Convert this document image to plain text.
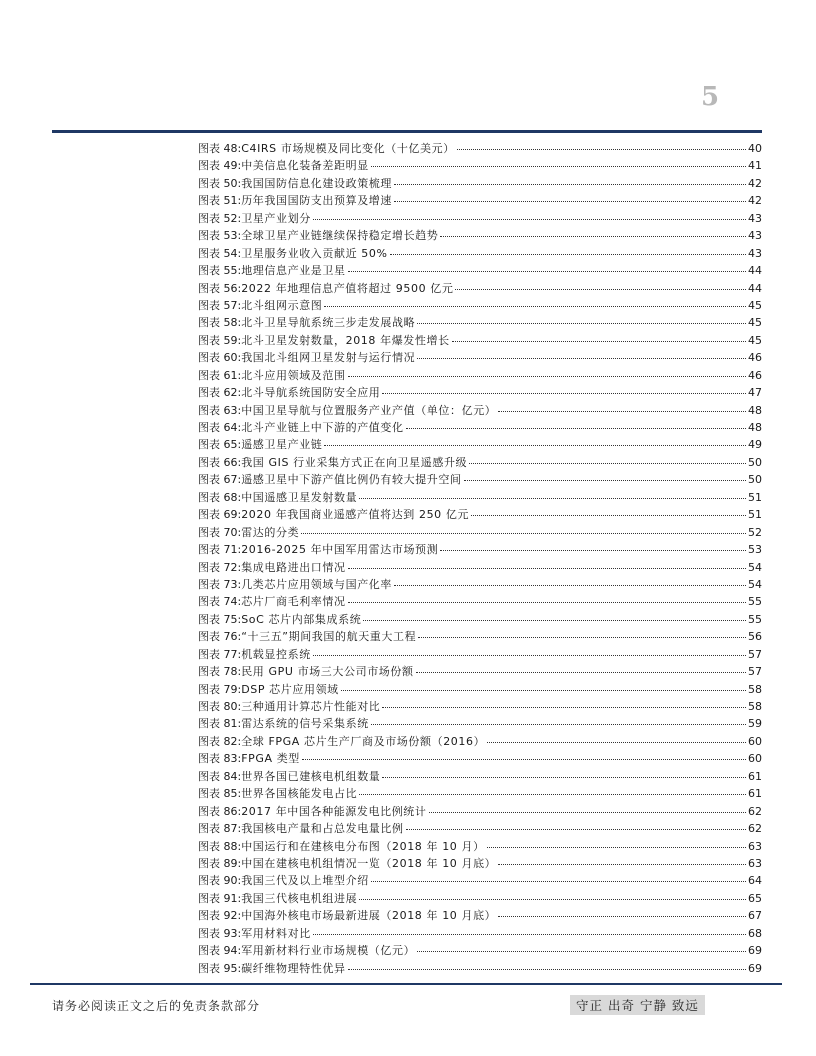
5
图表 48: C4IRS 市场规模及同比变化（十亿美元）	40
图表 49: 中美信息化装备差距明显	41
图表 50: 我国国防信息化建设政策梳理	42
图表 51: 历年我国国防支出预算及增速	42
图表 52: 卫星产业划分	43
图表 53: 全球卫星产业链继续保持稳定增长趋势	43
图表 54: 卫星服务业收入贡献近 50%	43
图表 55: 地理信息产业是卫星	44
图表 56: 2022 年地理信息产值将超过 9500 亿元	44
图表 57: 北斗组网示意图	45
图表 58: 北斗卫星导航系统三步走发展战略	45
图表 59: 北斗卫星发射数量，2018 年爆发性增长	45
图表 60: 我国北斗组网卫星发射与运行情况	46
图表 61: 北斗应用领域及范围	46
图表 62: 北斗导航系统国防安全应用	47
图表 63: 中国卫星导航与位置服务产业产值（单位：亿元）	48
图表 64: 北斗产业链上中下游的产值变化	48
图表 65: 遥感卫星产业链	49
图表 66: 我国 GIS 行业采集方式正在向卫星遥感升级	50
图表 67: 遥感卫星中下游产值比例仍有较大提升空间	50
图表 68: 中国遥感卫星发射数量	51
图表 69: 2020 年我国商业遥感产值将达到 250 亿元	51
图表 70: 雷达的分类	52
图表 71: 2016-2025 年中国军用雷达市场预测	53
图表 72: 集成电路进出口情况	54
图表 73: 几类芯片应用领域与国产化率	54
图表 74: 芯片厂商毛利率情况	55
图表 75: SoC 芯片内部集成系统	55
图表 76: “十三五”期间我国的航天重大工程	56
图表 77: 机载显控系统	57
图表 78: 民用 GPU 市场三大公司市场份额	57
图表 79: DSP 芯片应用领域	58
图表 80: 三种通用计算芯片性能对比	58
图表 81: 雷达系统的信号采集系统	59
图表 82: 全球 FPGA 芯片生产厂商及市场份额（2016）	60
图表 83: FPGA 类型	60
图表 84: 世界各国已建核电机组数量	61
图表 85: 世界各国核能发电占比	61
图表 86: 2017 年中国各种能源发电比例统计	62
图表 87: 我国核电产量和占总发电量比例	62
图表 88: 中国运行和在建核电分布图（2018 年 10 月）	63
图表 89: 中国在建核电机组情况一览（2018 年 10 月底）	63
图表 90: 我国三代及以上堆型介绍	64
图表 91: 我国三代核电机组进展	65
图表 92: 中国海外核电市场最新进展（2018 年 10 月底）	67
图表 93: 军用材料对比	68
图表 94: 军用新材料行业市场规模（亿元）	69
图表 95: 碳纤维物理特性优异	69
请务必阅读正文之后的免责条款部分	守正 出奇 宁静 致远
